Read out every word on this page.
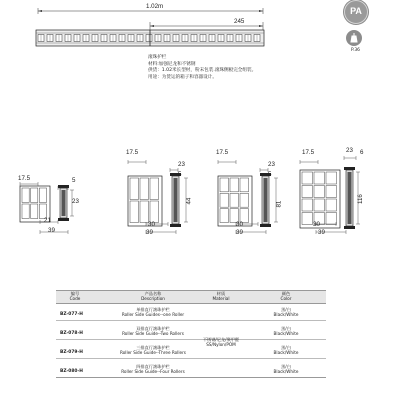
1.02m
245
PA
P.36
滚珠护栏
材料:加强尼龙和不锈钢
供货：1.02米长型材，粉末包装.滚珠侧板完全组装。
用途：为货运的箱子和容器设计。
17.5	5
23
21
39
17.5
23
5
44
30
39
17.5
23
5
81
30
39
17.5	23 6
116
30
39
编号
Code
产品名称
Description
材质
Material
颜色
Color
BZ-077-H
单排直行滚珠护栏
Roller Side Guides--one Roller
黑/白
Black/White
BZ-078-H
双排直行滚珠护栏
Roller Side Guide--Two Rollers
黑/白
Black/White
BZ-079-H
三排直行滚珠护栏
Roller Side Guide--Three Rollers
黑/白
Black/White
BZ-080-H
四排直行滚珠护栏
Roller Side Guide--Four Rollers
黑/白
Black/White
不锈钢/尼龙/聚甲醛
SS/Nylon/POM
